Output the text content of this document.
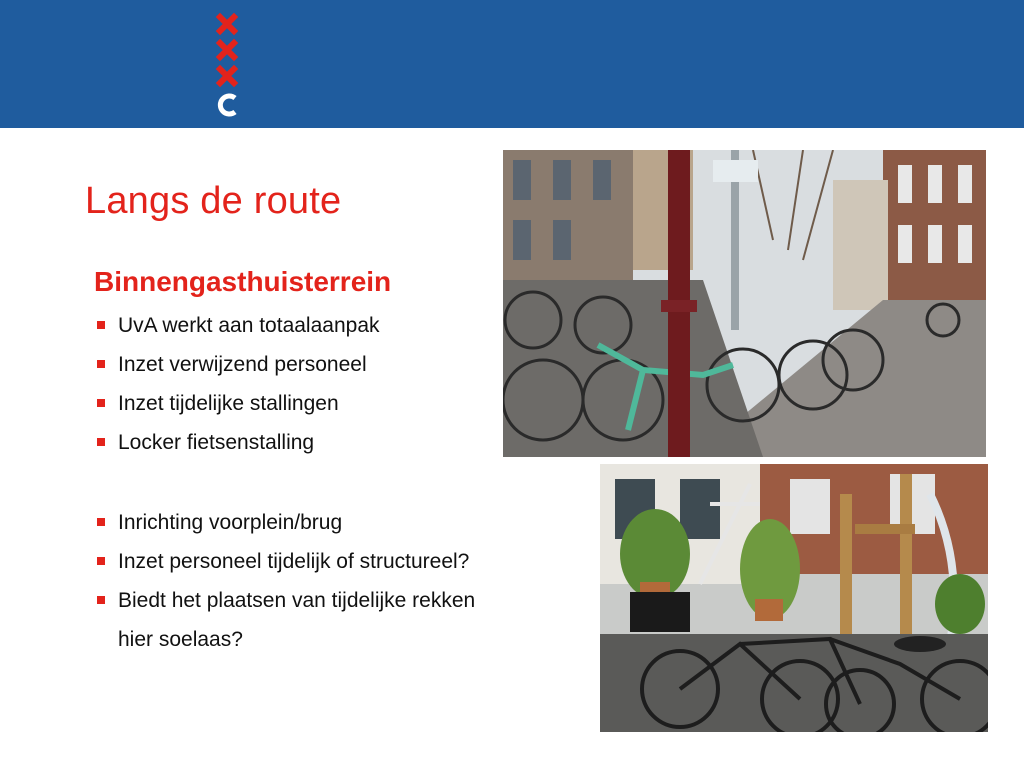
Langs de route
Binnengasthuisterrein
UvA werkt aan totaalaanpak
Inzet verwijzend personeel
Inzet tijdelijke stallingen
Locker fietsenstalling
Inrichting voorplein/brug
Inzet personeel tijdelijk of structureel?
Biedt het plaatsen van tijdelijke rekken
hier soelaas?
